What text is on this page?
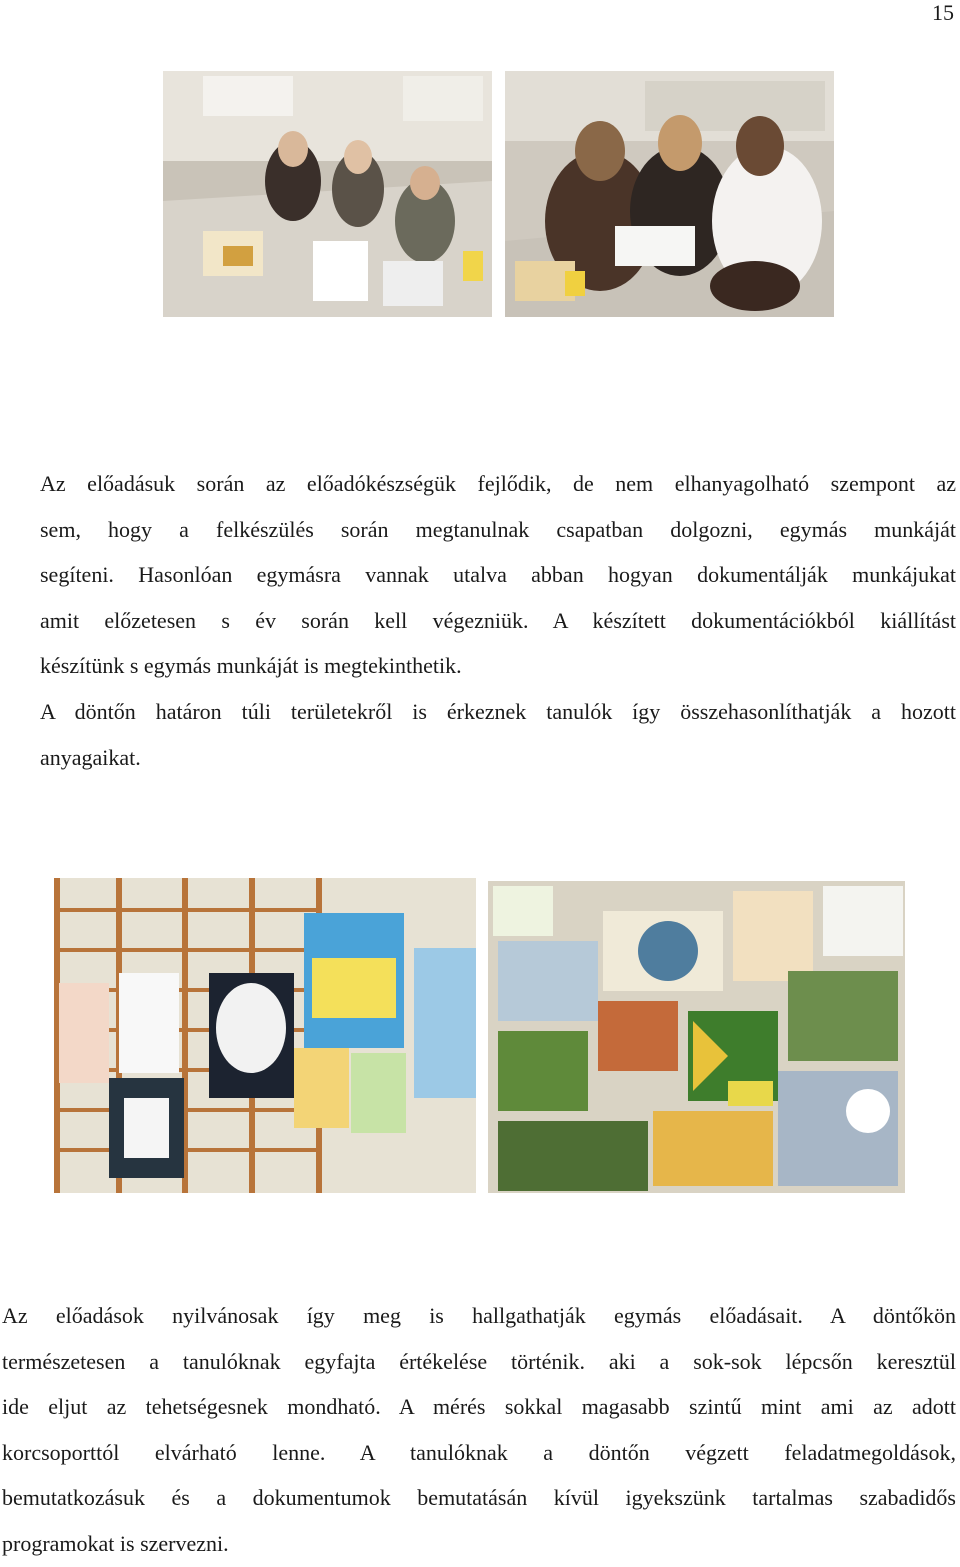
15

Az előadásuk során az előadókészségük fejlődik, de nem elhanyagolható szempont az
sem, hogy a felkészülés során megtanulnak csapatban dolgozni, egymás munkáját
segíteni. Hasonlóan egymásra vannak utalva abban hogyan dokumentálják munkájukat
amit előzetesen s év során kell végezniük. A készített dokumentációkból kiállítást
készítünk s egymás munkáját is megtekinthetik.

A döntőn határon túli területekről is érkeznek tanulók így összehasonlíthatják a hozott
anyagaikat.

Az előadások nyilvánosak így meg is hallgathatják egymás előadásait. A döntőkön
természetesen a tanulóknak egyfajta értékelése történik. aki a sok-sok lépcsőn keresztül
ide eljut az tehetségesnek mondható. A mérés sokkal magasabb szintű mint ami az adott
korcsoporttól elvárható lenne. A tanulóknak a döntőn végzett feladatmegoldások,
bemutatkozásuk és a dokumentumok bemutatásán kívül igyekszünk tartalmas szabadidős
programokat is szervezni.
